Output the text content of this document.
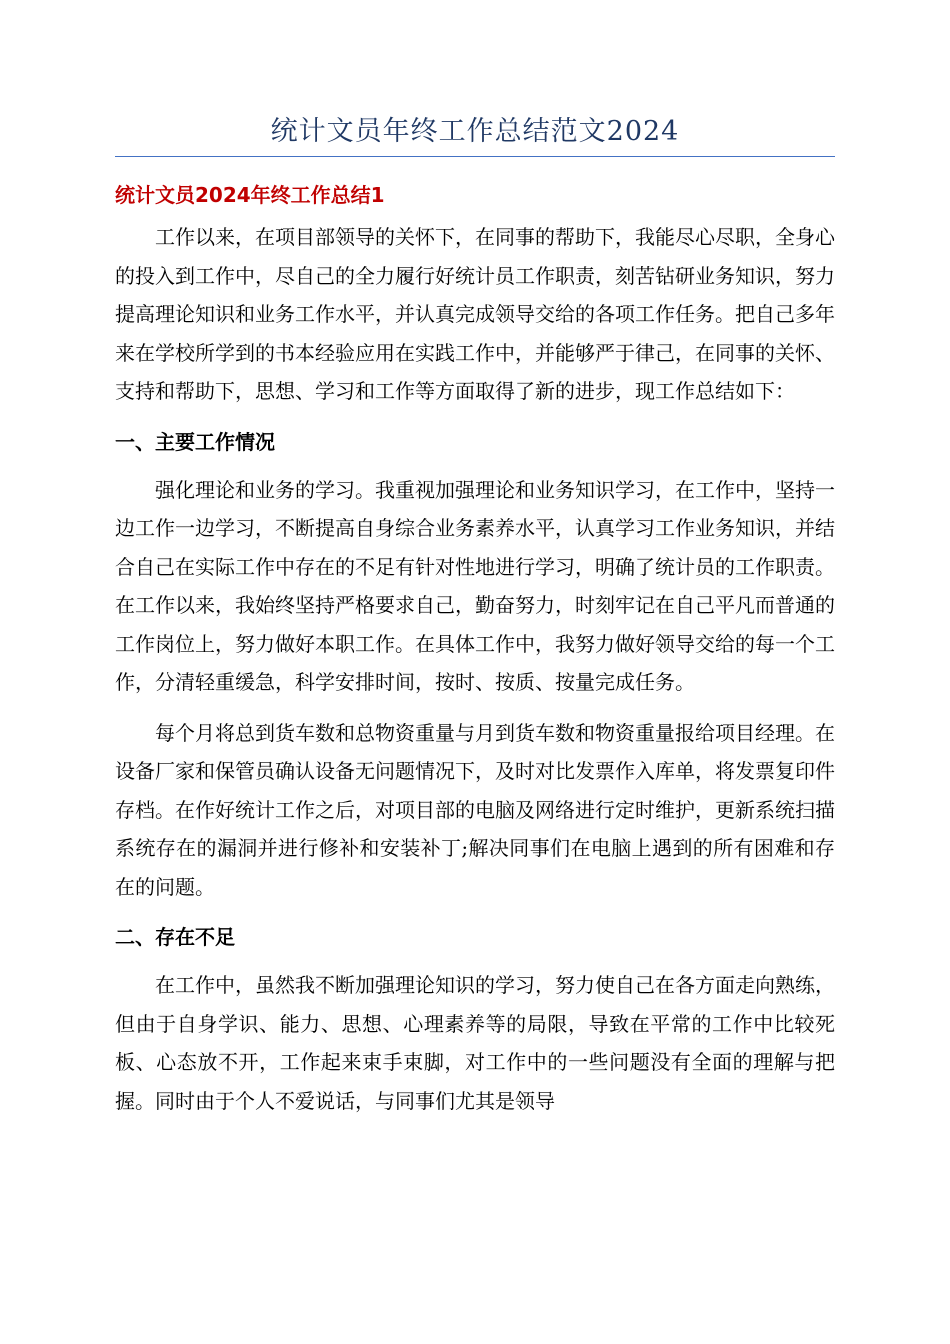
统计文员年终工作总结范文2024
统计文员2024年终工作总结1

工作以来，在项目部领导的关怀下，在同事的帮助下，我能尽心尽职，全身心的投入到工作中，尽自己的全力履行好统计员工作职责，刻苦钻研业务知识，努力提高理论知识和业务工作水平，并认真完成领导交给的各项工作任务。把自己多年来在学校所学到的书本经验应用在实践工作中，并能够严于律己，在同事的关怀、支持和帮助下，思想、学习和工作等方面取得了新的进步，现工作总结如下：

一、主要工作情况

强化理论和业务的学习。我重视加强理论和业务知识学习，在工作中，坚持一边工作一边学习，不断提高自身综合业务素养水平，认真学习工作业务知识，并结合自己在实际工作中存在的不足有针对性地进行学习，明确了统计员的工作职责。在工作以来，我始终坚持严格要求自己，勤奋努力，时刻牢记在自己平凡而普通的工作岗位上，努力做好本职工作。在具体工作中，我努力做好领导交给的每一个工作，分清轻重缓急，科学安排时间，按时、按质、按量完成任务。

每个月将总到货车数和总物资重量与月到货车数和物资重量报给项目经理。在设备厂家和保管员确认设备无问题情况下，及时对比发票作入库单，将发票复印件存档。在作好统计工作之后，对项目部的电脑及网络进行定时维护，更新系统扫描系统存在的漏洞并进行修补和安装补丁;解决同事们在电脑上遇到的所有困难和存在的问题。

二、存在不足

在工作中，虽然我不断加强理论知识的学习，努力使自己在各方面走向熟练，但由于自身学识、能力、思想、心理素养等的局限，导致在平常的工作中比较死板、心态放不开，工作起来束手束脚，对工作中的一些问题没有全面的理解与把握。同时由于个人不爱说话，与同事们尤其是领导
